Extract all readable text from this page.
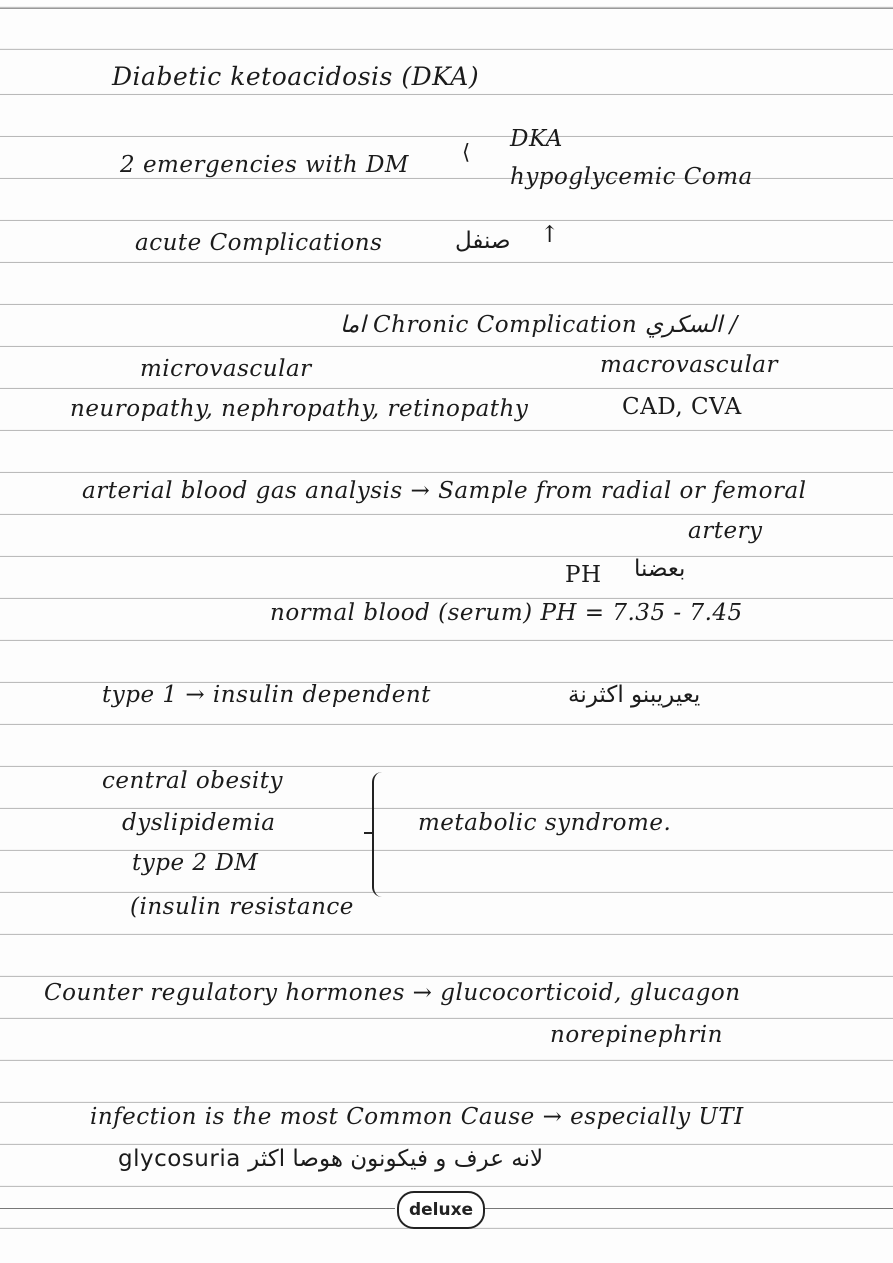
Diabetic ketoacidosis (DKA)
2 emergencies with DM	⟨ DKA
hypoglycemic Coma
acute Complications	صنفل ↑
اما Chronic Complication السكري /
microvascular	macrovascular
neuropathy, nephropathy, retinopathy	CAD, CVA
arterial blood gas analysis → Sample from radial or femoral
artery
PH بعضنا
normal blood (serum) PH = 7.35 - 7.45
type 1 → insulin dependent	يعيريبنو اكثرنة
central obesity
dyslipidemia
type 2 DM
(insulin resistance
metabolic syndrome.
Counter regulatory hormones → glucocorticoid, glucagon
norepinephrin
infection is the most Common Cause → especially UTI
لانه عرف و فيكونون هوصا اكثر glycosuria
deluxe
